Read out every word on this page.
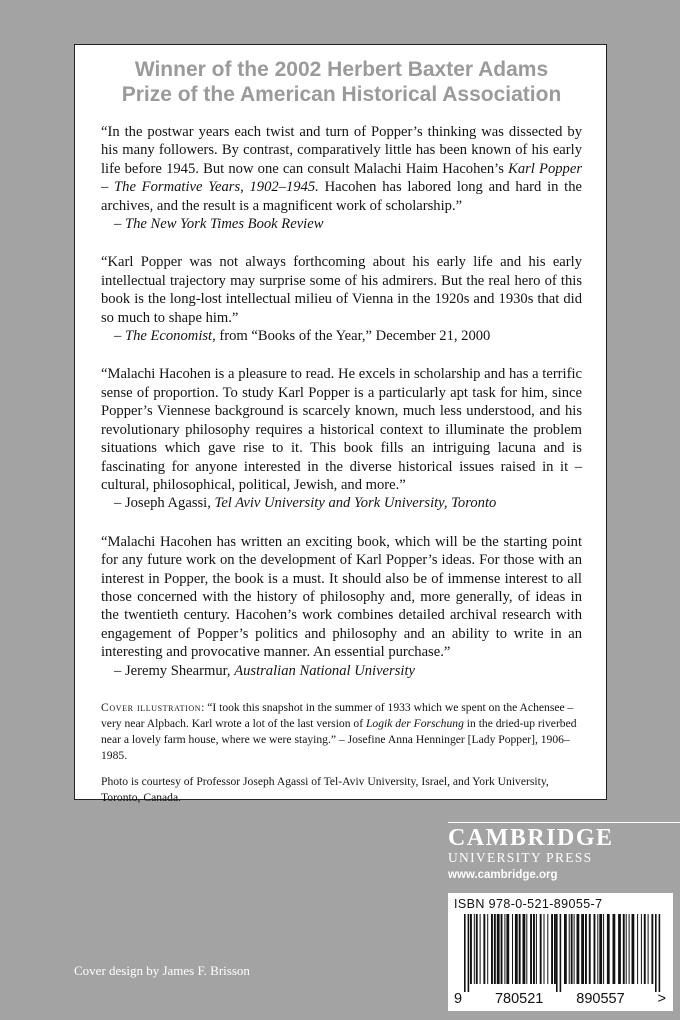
Winner of the 2002 Herbert Baxter Adams
Prize of the American Historical Association

“In the postwar years each twist and turn of Popper’s thinking was dissected by his many followers. By contrast, comparatively little has been known of his early life before 1945. But now one can consult Malachi Haim Hacohen’s Karl Popper – The Formative Years, 1902–1945. Hacohen has labored long and hard in the archives, and the result is a magnificent work of scholarship.”
– The New York Times Book Review

“Karl Popper was not always forthcoming about his early life and his early intellectual trajectory may surprise some of his admirers. But the real hero of this book is the long-lost intellectual milieu of Vienna in the 1920s and 1930s that did so much to shape him.”
– The Economist, from “Books of the Year,” December 21, 2000

“Malachi Hacohen is a pleasure to read. He excels in scholarship and has a terrific sense of proportion. To study Karl Popper is a particularly apt task for him, since Popper’s Viennese background is scarcely known, much less understood, and his revolutionary philosophy requires a historical context to illuminate the problem situations which gave rise to it. This book fills an intriguing lacuna and is fascinating for anyone interested in the diverse historical issues raised in it – cultural, philosophical, political, Jewish, and more.”
– Joseph Agassi, Tel Aviv University and York University, Toronto

“Malachi Hacohen has written an exciting book, which will be the starting point for any future work on the development of Karl Popper’s ideas. For those with an interest in Popper, the book is a must. It should also be of immense interest to all those concerned with the history of philosophy and, more generally, of ideas in the twentieth century. Hacohen’s work combines detailed archival research with engagement of Popper’s politics and philosophy and an ability to write in an interesting and provocative manner. An essential purchase.”
– Jeremy Shearmur, Australian National University

Cover illustration: “I took this snapshot in the summer of 1933 which we spent on the Achensee – very near Alpbach. Karl wrote a lot of the last version of Logik der Forschung in the dried-up riverbed near a lovely farm house, where we were staying.” – Josefine Anna Henninger [Lady Popper], 1906–1985.

Photo is courtesy of Professor Joseph Agassi of Tel-Aviv University, Israel, and York University, Toronto, Canada.

CAMBRIDGE
UNIVERSITY PRESS
www.cambridge.org
ISBN 978-0-521-89055-7
9 780521 890557 >
Cover design by James F. Brisson
